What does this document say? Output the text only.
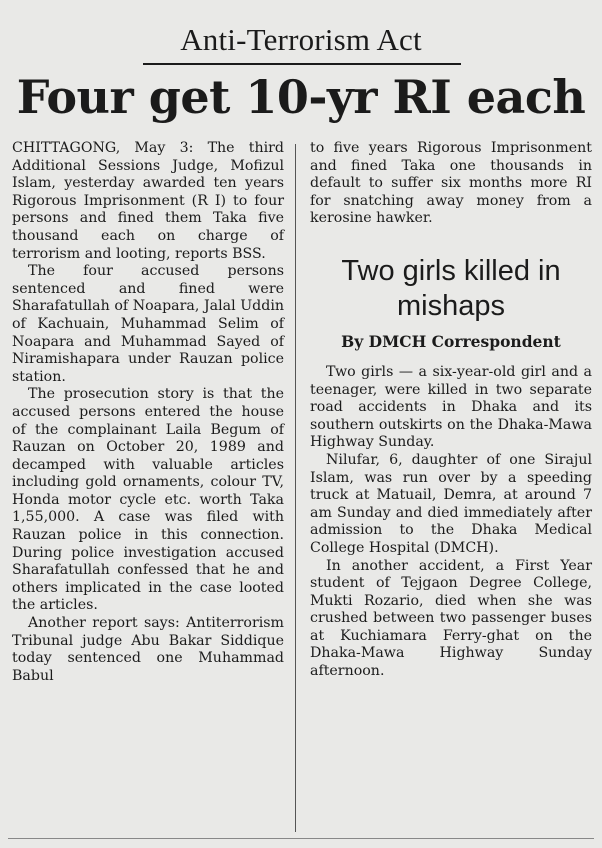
Anti-Terrorism Act
Four get 10-yr RI each

CHITTAGONG, May 3: The third Additional Sessions Judge, Mofizul Islam, yesterday awarded ten years Rigorous Imprisonment (R I) to four persons and fined them Taka five thousand each on charge of terrorism and looting, reports BSS.

The four accused persons sentenced and fined were Sharafatullah of Noapara, Jalal Uddin of Kachuain, Muhammad Selim of Noapara and Muhammad Sayed of Niramishapara under Rauzan police station.

The prosecution story is that the accused persons entered the house of the complainant Laila Begum of Rauzan on October 20, 1989 and decamped with valuable articles including gold ornaments, colour TV, Honda motor cycle etc. worth Taka 1,55,000. A case was filed with Rauzan police in this connection. During police investigation accused Sharafatullah confessed that he and others implicated in the case looted the articles.

Another report says: Antiterrorism Tribunal judge Abu Bakar Siddique today sentenced one Muhammad Babul

to five years Rigorous Imprisonment and fined Taka one thousands in default to suffer six months more RI for snatching away money from a kerosine hawker.

Two girls killed in mishaps
By DMCH Correspondent

Two girls — a six-year-old girl and a teenager, were killed in two separate road accidents in Dhaka and its southern outskirts on the Dhaka-Mawa Highway Sunday.

Nilufar, 6, daughter of one Sirajul Islam, was run over by a speeding truck at Matuail, Demra, at around 7 am Sunday and died immediately after admission to the Dhaka Medical College Hospital (DMCH).

In another accident, a First Year student of Tejgaon Degree College, Mukti Rozario, died when she was crushed between two passenger buses at Kuchiamara Ferry-ghat on the Dhaka-Mawa Highway Sunday afternoon.
